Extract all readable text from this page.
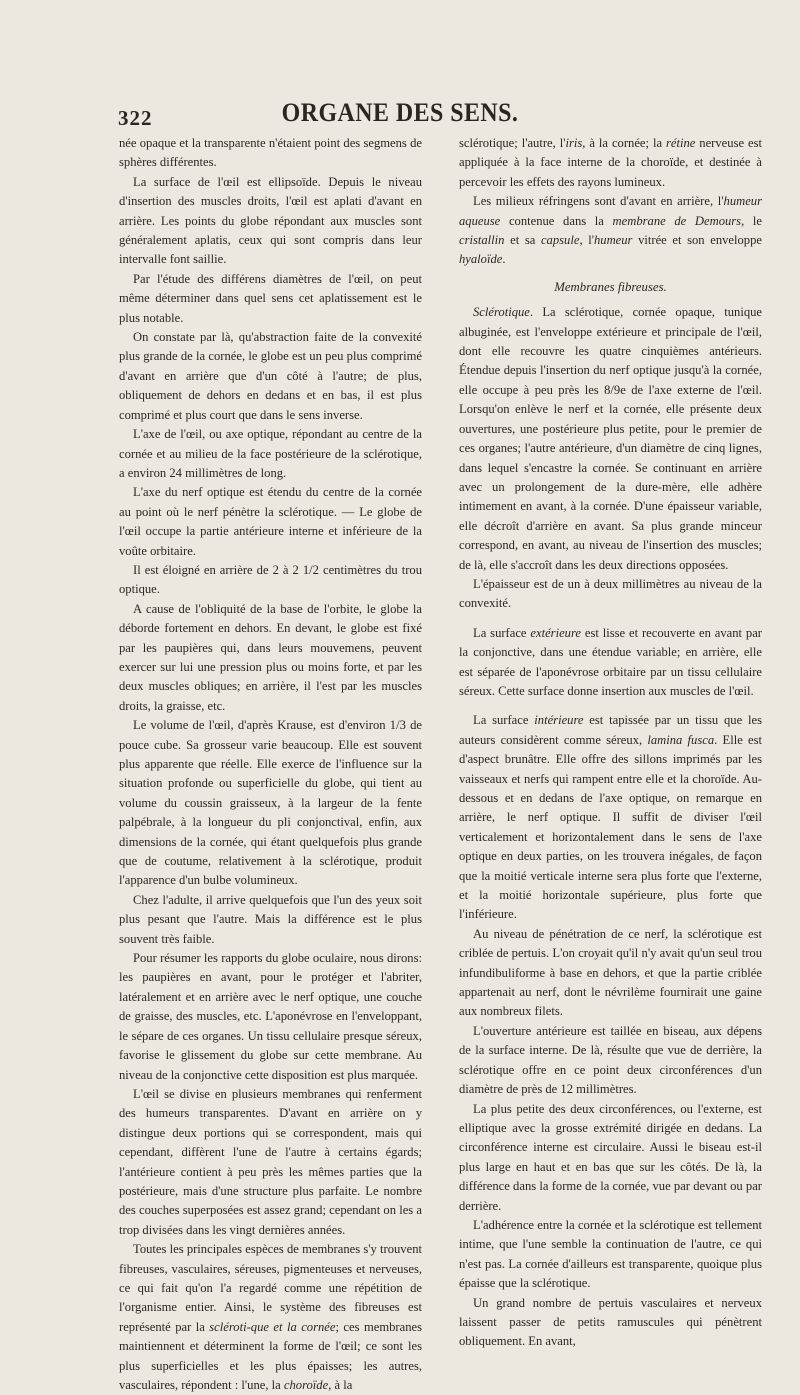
322	ORGANE DES SENS.

née opaque et la transparente n'étaient point des segmens de sphères différentes.

La surface de l'œil est ellipsoïde. Depuis le niveau d'insertion des muscles droits, l'œil est aplati d'avant en arrière. Les points du globe répondant aux muscles sont généralement aplatis, ceux qui sont compris dans leur intervalle font saillie.

Par l'étude des différens diamètres de l'œil, on peut même déterminer dans quel sens cet aplatissement est le plus notable.

On constate par là, qu'abstraction faite de la convexité plus grande de la cornée, le globe est un peu plus comprimé d'avant en arrière que d'un côté à l'autre; de plus, obliquement de dehors en dedans et en bas, il est plus comprimé et plus court que dans le sens inverse.

L'axe de l'œil, ou axe optique, répondant au centre de la cornée et au milieu de la face postérieure de la sclérotique, a environ 24 millimètres de long.

L'axe du nerf optique est étendu du centre de la cornée au point où le nerf pénètre la sclérotique. — Le globe de l'œil occupe la partie antérieure interne et inférieure de la voûte orbitaire.

Il est éloigné en arrière de 2 à 2 1/2 centimètres du trou optique.

A cause de l'obliquité de la base de l'orbite, le globe la déborde fortement en dehors. En devant, le globe est fixé par les paupières qui, dans leurs mouvemens, peuvent exercer sur lui une pression plus ou moins forte, et par les deux muscles obliques; en arrière, il l'est par les muscles droits, la graisse, etc.

Le volume de l'œil, d'après Krause, est d'environ 1/3 de pouce cube. Sa grosseur varie beaucoup. Elle est souvent plus apparente que réelle. Elle exerce de l'influence sur la situation profonde ou superficielle du globe, qui tient au volume du coussin graisseux, à la largeur de la fente palpébrale, à la longueur du pli conjonctival, enfin, aux dimensions de la cornée, qui étant quelquefois plus grande que de coutume, relativement à la sclérotique, produit l'apparence d'un bulbe volumineux.

Chez l'adulte, il arrive quelquefois que l'un des yeux soit plus pesant que l'autre. Mais la différence est le plus souvent très faible.

Pour résumer les rapports du globe oculaire, nous dirons: les paupières en avant, pour le protéger et l'abriter, latéralement et en arrière avec le nerf optique, une couche de graisse, des muscles, etc. L'aponévrose en l'enveloppant, le sépare de ces organes. Un tissu cellulaire presque séreux, favorise le glissement du globe sur cette membrane. Au niveau de la conjonctive cette disposition est plus marquée.

L'œil se divise en plusieurs membranes qui renferment des humeurs transparentes. D'avant en arrière on y distingue deux portions qui se correspondent, mais qui cependant, diffèrent l'une de l'autre à certains égards; l'antérieure contient à peu près les mêmes parties que la postérieure, mais d'une structure plus parfaite. Le nombre des couches superposées est assez grand; cependant on les a trop divisées dans les vingt dernières années.

Toutes les principales espèces de membranes s'y trouvent fibreuses, vasculaires, séreuses, pigmenteuses et nerveuses, ce qui fait qu'on l'a regardé comme une répétition de l'organisme entier. Ainsi, le système des fibreuses est représenté par la scléroti-que et la cornée; ces membranes maintiennent et déterminent la forme de l'œil; ce sont les plus superficielles et les plus épaisses; les autres, vasculaires, répondent : l'une, la choroïde, à la

sclérotique; l'autre, l'iris, à la cornée; la rétine nerveuse est appliquée à la face interne de la choroïde, et destinée à percevoir les effets des rayons lumineux.

Les milieux réfringens sont d'avant en arrière, l'humeur aqueuse contenue dans la membrane de Demours, le cristallin et sa capsule, l'humeur vitrée et son enveloppe hyaloïde.

Membranes fibreuses.

Sclérotique. La sclérotique, cornée opaque, tunique albuginée, est l'enveloppe extérieure et principale de l'œil, dont elle recouvre les quatre cinquièmes antérieurs. Étendue depuis l'insertion du nerf optique jusqu'à la cornée, elle occupe à peu près les 8/9e de l'axe externe de l'œil. Lorsqu'on enlève le nerf et la cornée, elle présente deux ouvertures, une postérieure plus petite, pour le premier de ces organes; l'autre antérieure, d'un diamètre de cinq lignes, dans lequel s'encastre la cornée. Se continuant en arrière avec un prolongement de la dure-mère, elle adhère intimement en avant, à la cornée. D'une épaisseur variable, elle décroît d'arrière en avant. Sa plus grande minceur correspond, en avant, au niveau de l'insertion des muscles; de là, elle s'accroît dans les deux directions opposées.

L'épaisseur est de un à deux millimètres au niveau de la convexité.

La surface extérieure est lisse et recouverte en avant par la conjonctive, dans une étendue variable; en arrière, elle est séparée de l'aponévrose orbitaire par un tissu cellulaire séreux. Cette surface donne insertion aux muscles de l'œil.

La surface intérieure est tapissée par un tissu que les auteurs considèrent comme séreux, lamina fusca. Elle est d'aspect brunâtre. Elle offre des sillons imprimés par les vaisseaux et nerfs qui rampent entre elle et la choroïde. Au-dessous et en dedans de l'axe optique, on remarque en arrière, le nerf optique. Il suffit de diviser l'œil verticalement et horizontalement dans le sens de l'axe optique en deux parties, on les trouvera inégales, de façon que la moitié verticale interne sera plus forte que l'externe, et la moitié horizontale supérieure, plus forte que l'inférieure.

Au niveau de pénétration de ce nerf, la sclérotique est criblée de pertuis. L'on croyait qu'il n'y avait qu'un seul trou infundibuliforme à base en dehors, et que la partie criblée appartenait au nerf, dont le névrilème fournirait une gaine aux nombreux filets.

L'ouverture antérieure est taillée en biseau, aux dépens de la surface interne. De là, résulte que vue de derrière, la sclérotique offre en ce point deux circonférences d'un diamètre de près de 12 millimètres.

La plus petite des deux circonférences, ou l'externe, est elliptique avec la grosse extrémité dirigée en dedans. La circonférence interne est circulaire. Aussi le biseau est-il plus large en haut et en bas que sur les côtés. De là, la différence dans la forme de la cornée, vue par devant ou par derrière.

L'adhérence entre la cornée et la sclérotique est tellement intime, que l'une semble la continuation de l'autre, ce qui n'est pas. La cornée d'ailleurs est transparente, quoique plus épaisse que la sclérotique.

Un grand nombre de pertuis vasculaires et nerveux laissent passer de petits ramuscules qui pénètrent obliquement. En avant,
